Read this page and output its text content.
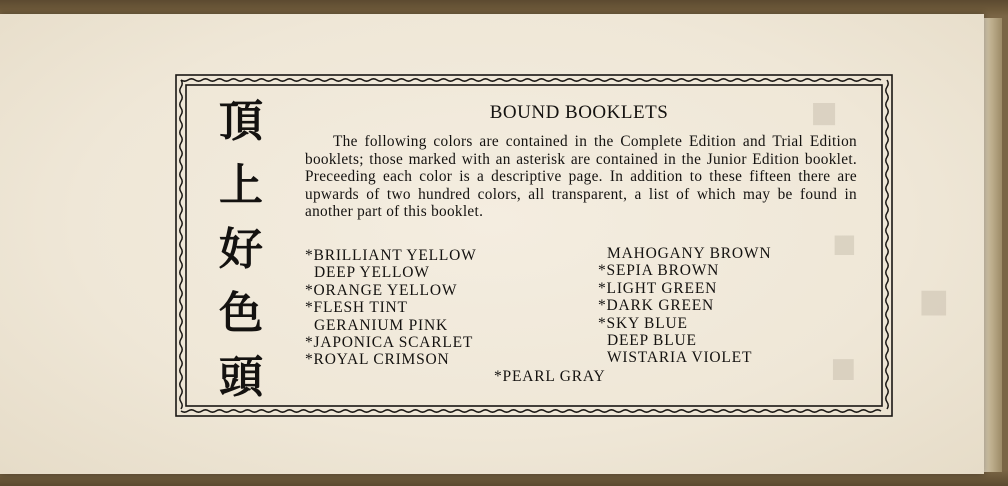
◼
◼
◼
◼
頂
上
好
色
頭
BOUND BOOKLETS
The following colors are contained in the Complete Edition and Trial Edition booklets; those marked with an asterisk are contained in the Junior Edition booklet. Preceeding each color is a descriptive page. In addition to these fifteen there are upwards of two hundred colors, all transparent, a list of which may be found in another part of this booklet.
*BRILLIANT YELLOW
DEEP YELLOW
*ORANGE YELLOW
*FLESH TINT
GERANIUM PINK
*JAPONICA SCARLET
*ROYAL CRIMSON
MAHOGANY BROWN
*SEPIA BROWN
*LIGHT GREEN
*DARK GREEN
*SKY BLUE
DEEP BLUE
WISTARIA VIOLET
*PEARL GRAY
